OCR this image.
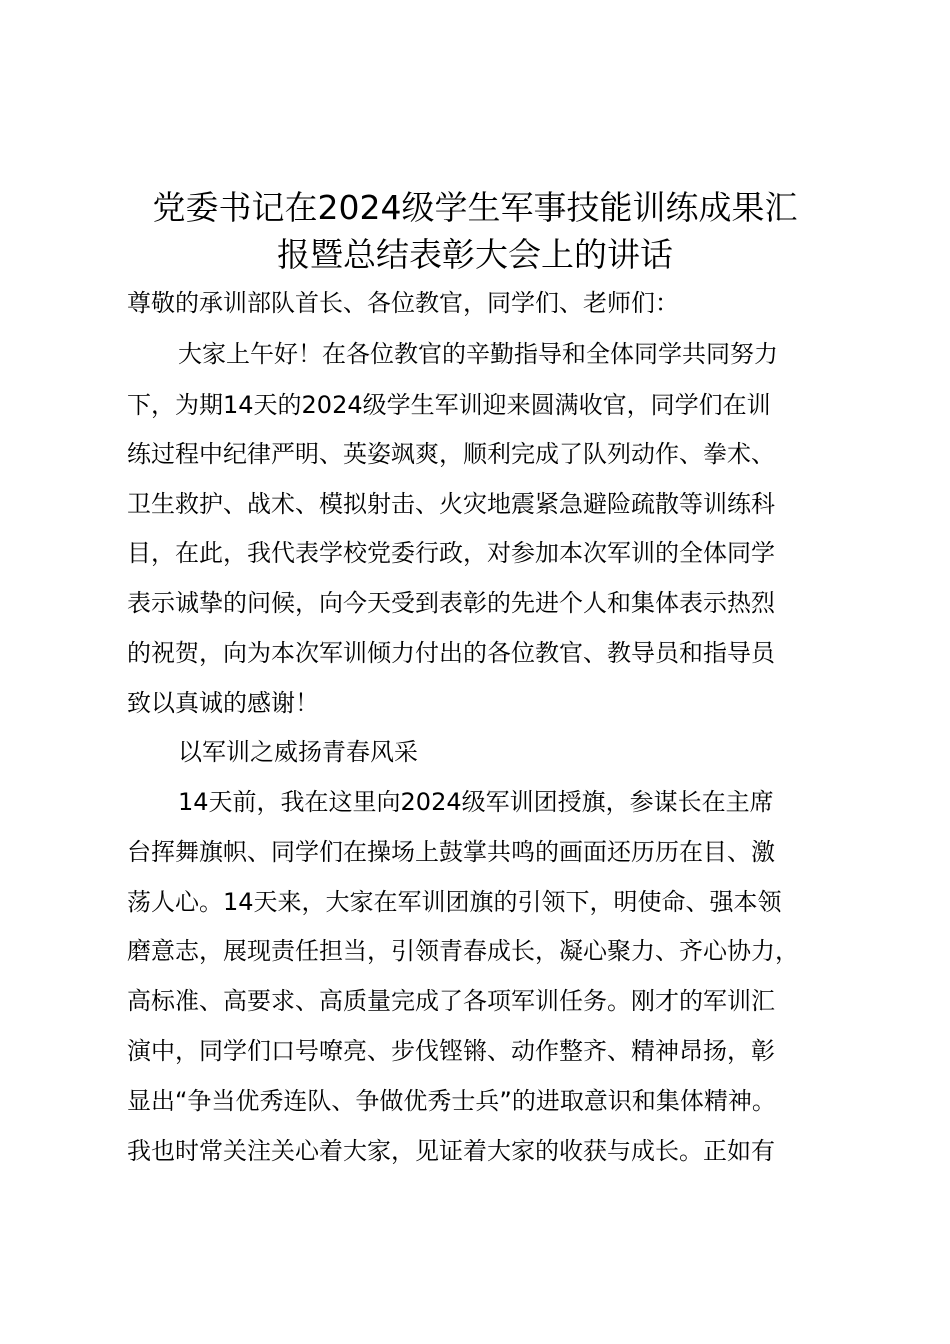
党委书记在2024级学生军事技能训练成果汇
报暨总结表彰大会上的讲话
尊敬的承训部队首长、各位教官，同学们、老师们：
大家上午好！在各位教官的辛勤指导和全体同学共同努力
下，为期14天的2024级学生军训迎来圆满收官，同学们在训
练过程中纪律严明、英姿飒爽，顺利完成了队列动作、拳术、
卫生救护、战术、模拟射击、火灾地震紧急避险疏散等训练科
目，在此，我代表学校党委行政，对参加本次军训的全体同学
表示诚挚的问候，向今天受到表彰的先进个人和集体表示热烈
的祝贺，向为本次军训倾力付出的各位教官、教导员和指导员
致以真诚的感谢！
以军训之威扬青春风采
14天前，我在这里向2024级军训团授旗，参谋长在主席
台挥舞旗帜、同学们在操场上鼓掌共鸣的画面还历历在目、激
荡人心。14天来，大家在军训团旗的引领下，明使命、强本领
磨意志，展现责任担当，引领青春成长，凝心聚力、齐心协力，
高标准、高要求、高质量完成了各项军训任务。刚才的军训汇
演中，同学们口号嘹亮、步伐铿锵、动作整齐、精神昂扬，彰
显出“争当优秀连队、争做优秀士兵”的进取意识和集体精神。
我也时常关注关心着大家，见证着大家的收获与成长。正如有
